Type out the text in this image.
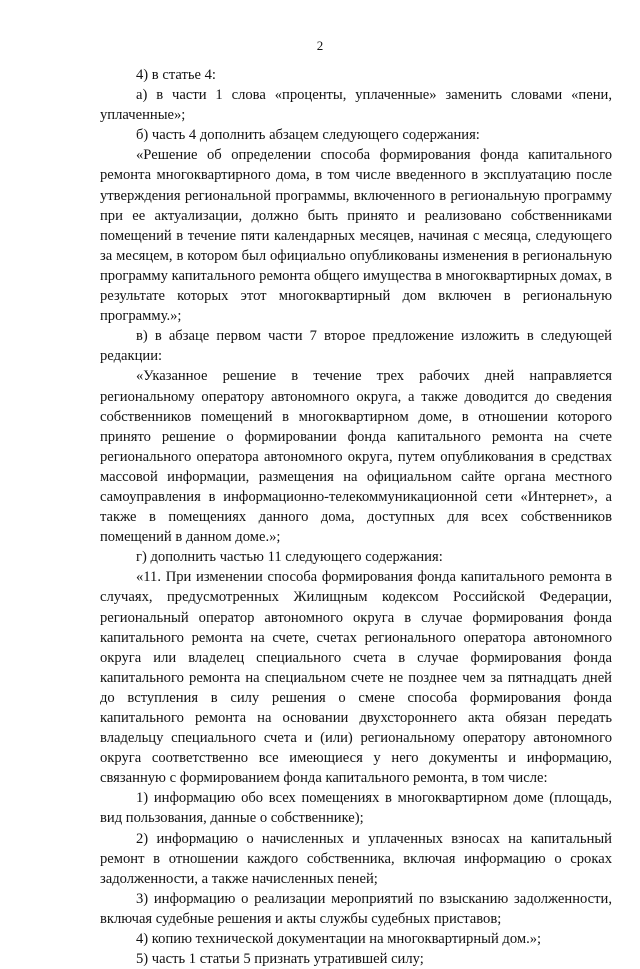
2

4) в статье 4:

а) в части 1 слова «проценты, уплаченные» заменить словами «пени, уплаченные»;

б) часть 4 дополнить абзацем следующего содержания:

«Решение об определении способа формирования фонда капитального ремонта многоквартирного дома, в том числе введенного в эксплуатацию после утверждения региональной программы, включенного в региональную программу при ее актуализации, должно быть принято и реализовано собственниками помещений в течение пяти календарных месяцев, начиная с месяца, следующего за месяцем, в котором был официально опубликованы изменения в региональную программу капитального ремонта общего имущества в многоквартирных домах, в результате которых этот многоквартирный дом включен в региональную программу.»;

в) в абзаце первом части 7 второе предложение изложить в следующей редакции:

«Указанное решение в течение трех рабочих дней направляется региональному оператору автономного округа, а также доводится до сведения собственников помещений в многоквартирном доме, в отношении которого принято решение о формировании фонда капитального ремонта на счете регионального оператора автономного округа, путем опубликования в средствах массовой информации, размещения на официальном сайте органа местного самоуправления в информационно-телекоммуникационной сети «Интернет», а также в помещениях данного дома, доступных для всех собственников помещений в данном доме.»;

г) дополнить частью 11 следующего содержания:

«11. При изменении способа формирования фонда капитального ремонта в случаях, предусмотренных Жилищным кодексом Российской Федерации, региональный оператор автономного округа в случае формирования фонда капитального ремонта на счете, счетах регионального оператора автономного округа или владелец специального счета в случае формирования фонда капитального ремонта на специальном счете не позднее чем за пятнадцать дней до вступления в силу решения о смене способа формирования фонда капитального ремонта на основании двухстороннего акта обязан передать владельцу специального счета и (или) региональному оператору автономного округа соответственно все имеющиеся у него документы и информацию, связанную с формированием фонда капитального ремонта, в том числе:

1) информацию обо всех помещениях в многоквартирном доме (площадь, вид пользования, данные о собственнике);

2) информацию о начисленных и уплаченных взносах на капитальный ремонт в отношении каждого собственника, включая информацию о сроках задолженности, а также начисленных пеней;

3) информацию о реализации мероприятий по взысканию задолженности, включая судебные решения и акты службы судебных приставов;

4) копию технической документации на многоквартирный дом.»;

5) часть 1 статьи 5 признать утратившей силу;
